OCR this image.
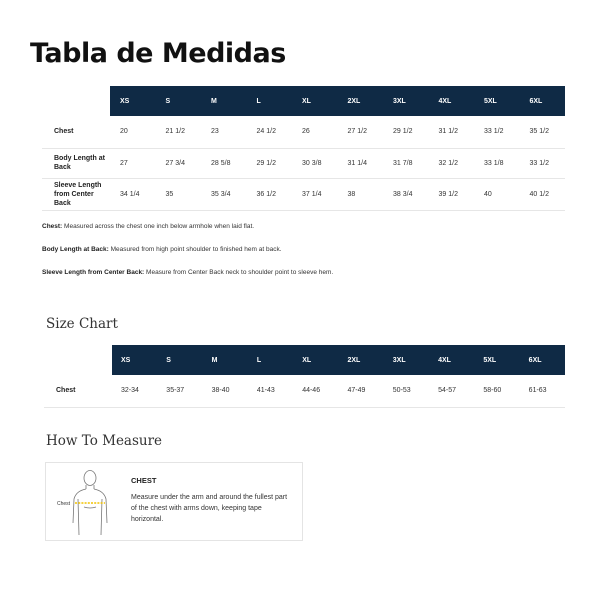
Tabla de Medidas
	XS	S	M	L	XL	2XL	3XL	4XL	5XL	6XL
Chest	20	21 1/2	23	24 1/2	26	27 1/2	29 1/2	31 1/2	33 1/2	35 1/2
Body Length at Back	27	27 3/4	28 5/8	29 1/2	30 3/8	31 1/4	31 7/8	32 1/2	33 1/8	33 1/2
Sleeve Length from Center Back	34 1/4	35	35 3/4	36 1/2	37 1/4	38	38 3/4	39 1/2	40	40 1/2
Chest: Measured across the chest one inch below armhole when laid flat.
Body Length at Back: Measured from high point shoulder to finished hem at back.
Sleeve Length from Center Back: Measure from Center Back neck to shoulder point to sleeve hem.
Size Chart
	XS	S	M	L	XL	2XL	3XL	4XL	5XL	6XL
Chest	32-34	35-37	38-40	41-43	44-46	47-49	50-53	54-57	58-60	61-63
How To Measure
Chest
CHEST
Measure under the arm and around the fullest part of the chest with arms down, keeping tape horizontal.
